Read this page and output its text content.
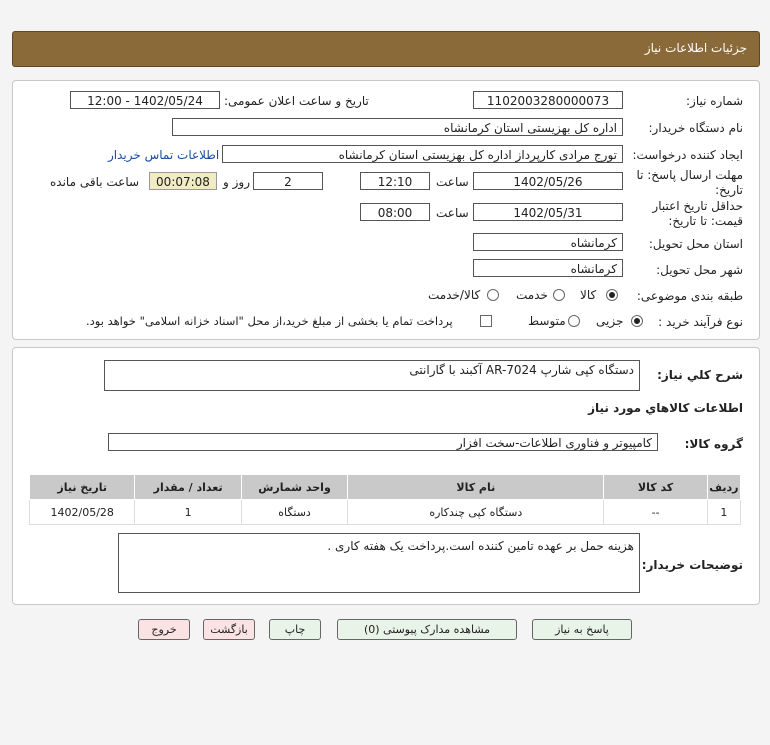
جزئیات اطلاعات نیاز
شماره نیاز:
1102003280000073
تاریخ و ساعت اعلان عمومی:
1402/05/24 - 12:00
نام دستگاه خریدار:
اداره کل بهزیستی استان کرمانشاه
ایجاد کننده درخواست:
تورج مرادی کارپرداز اداره کل بهزیستی استان کرمانشاه
اطلاعات تماس خریدار
مهلت ارسال پاسخ: تا
تاریخ:
1402/05/26
ساعت
12:10
2
روز و
00:07:08
ساعت باقی مانده
حداقل تاریخ اعتبار
قیمت: تا تاریخ:
1402/05/31
ساعت
08:00
استان محل تحویل:
کرمانشاه
شهر محل تحویل:
کرمانشاه
طبقه بندی موضوعی:
کالا
خدمت
کالا/خدمت
نوع فرآیند خرید :
جزیی
متوسط
پرداخت تمام یا بخشی از مبلغ خرید،از محل "اسناد خزانه اسلامی" خواهد بود.
شرح کلي نياز:
دستگاه کپی شارپ AR-7024 آکبند با گارانتی
اطلاعات کالاهاي مورد نياز
گروه کالا:
کامپیوتر و فناوری اطلاعات-سخت افزار
ردیف	کد کالا	نام کالا	واحد شمارش	تعداد / مقدار	تاریخ نیاز
1	--	دستگاه کپی چندکاره	دستگاه	1	1402/05/28
توضیحات خریدار:
هزینه حمل بر عهده تامین کننده است.پرداخت یک هفته کاری .
پاسخ به نیاز
مشاهده مدارک پیوستی (0)
چاپ
بازگشت
خروج
